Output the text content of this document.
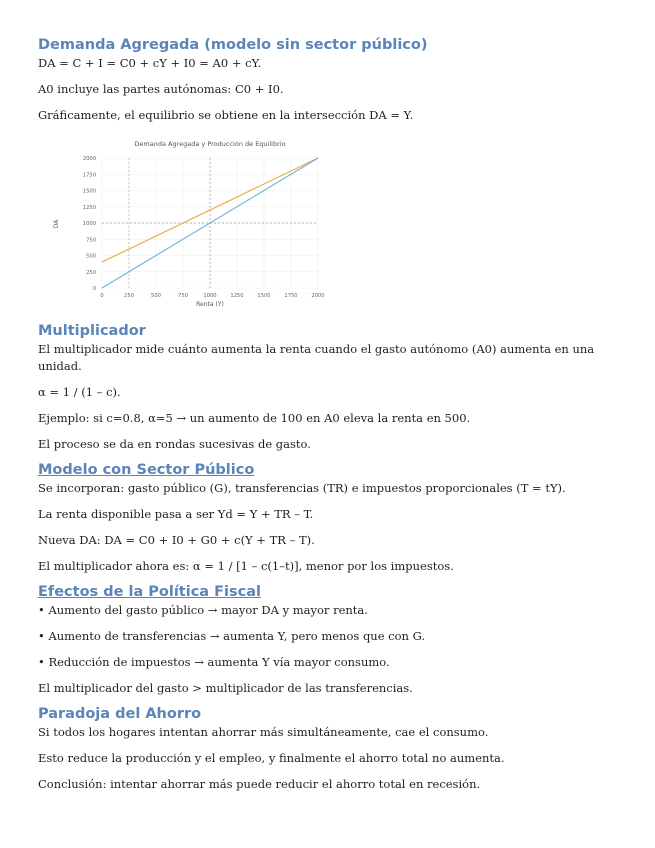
Demanda Agregada (modelo sin sector público)

DA = C + I = C0 + cY + I0 = A0 + cY.

A0 incluye las partes autónomas: C0 + I0.

Gráficamente, el equilibrio se obtiene en la intersección DA = Y.

Demanda Agregada y Producción de Equilibrio
0	250	500	750	1000	1250	1500	1750	2000
0
250
500
750
1000
1250
1500
1750
2000
Renta (Y)
DA
Multiplicador

El multiplicador mide cuánto aumenta la renta cuando el gasto autónomo (A0) aumenta en una unidad.

α = 1 / (1 – c).

Ejemplo: si c=0.8, α=5 → un aumento de 100 en A0 eleva la renta en 500.

El proceso se da en rondas sucesivas de gasto.

Modelo con Sector Público

Se incorporan: gasto público (G), transferencias (TR) e impuestos proporcionales (T = tY).

La renta disponible pasa a ser Yd = Y + TR – T.

Nueva DA: DA = C0 + I0 + G0 + c(Y + TR – T).

El multiplicador ahora es: α = 1 / [1 – c(1–t)], menor por los impuestos.

Efectos de la Política Fiscal

• Aumento del gasto público → mayor DA y mayor renta.

• Aumento de transferencias → aumenta Y, pero menos que con G.

• Reducción de impuestos → aumenta Y vía mayor consumo.

El multiplicador del gasto > multiplicador de las transferencias.

Paradoja del Ahorro

Si todos los hogares intentan ahorrar más simultáneamente, cae el consumo.

Esto reduce la producción y el empleo, y finalmente el ahorro total no aumenta.

Conclusión: intentar ahorrar más puede reducir el ahorro total en recesión.
